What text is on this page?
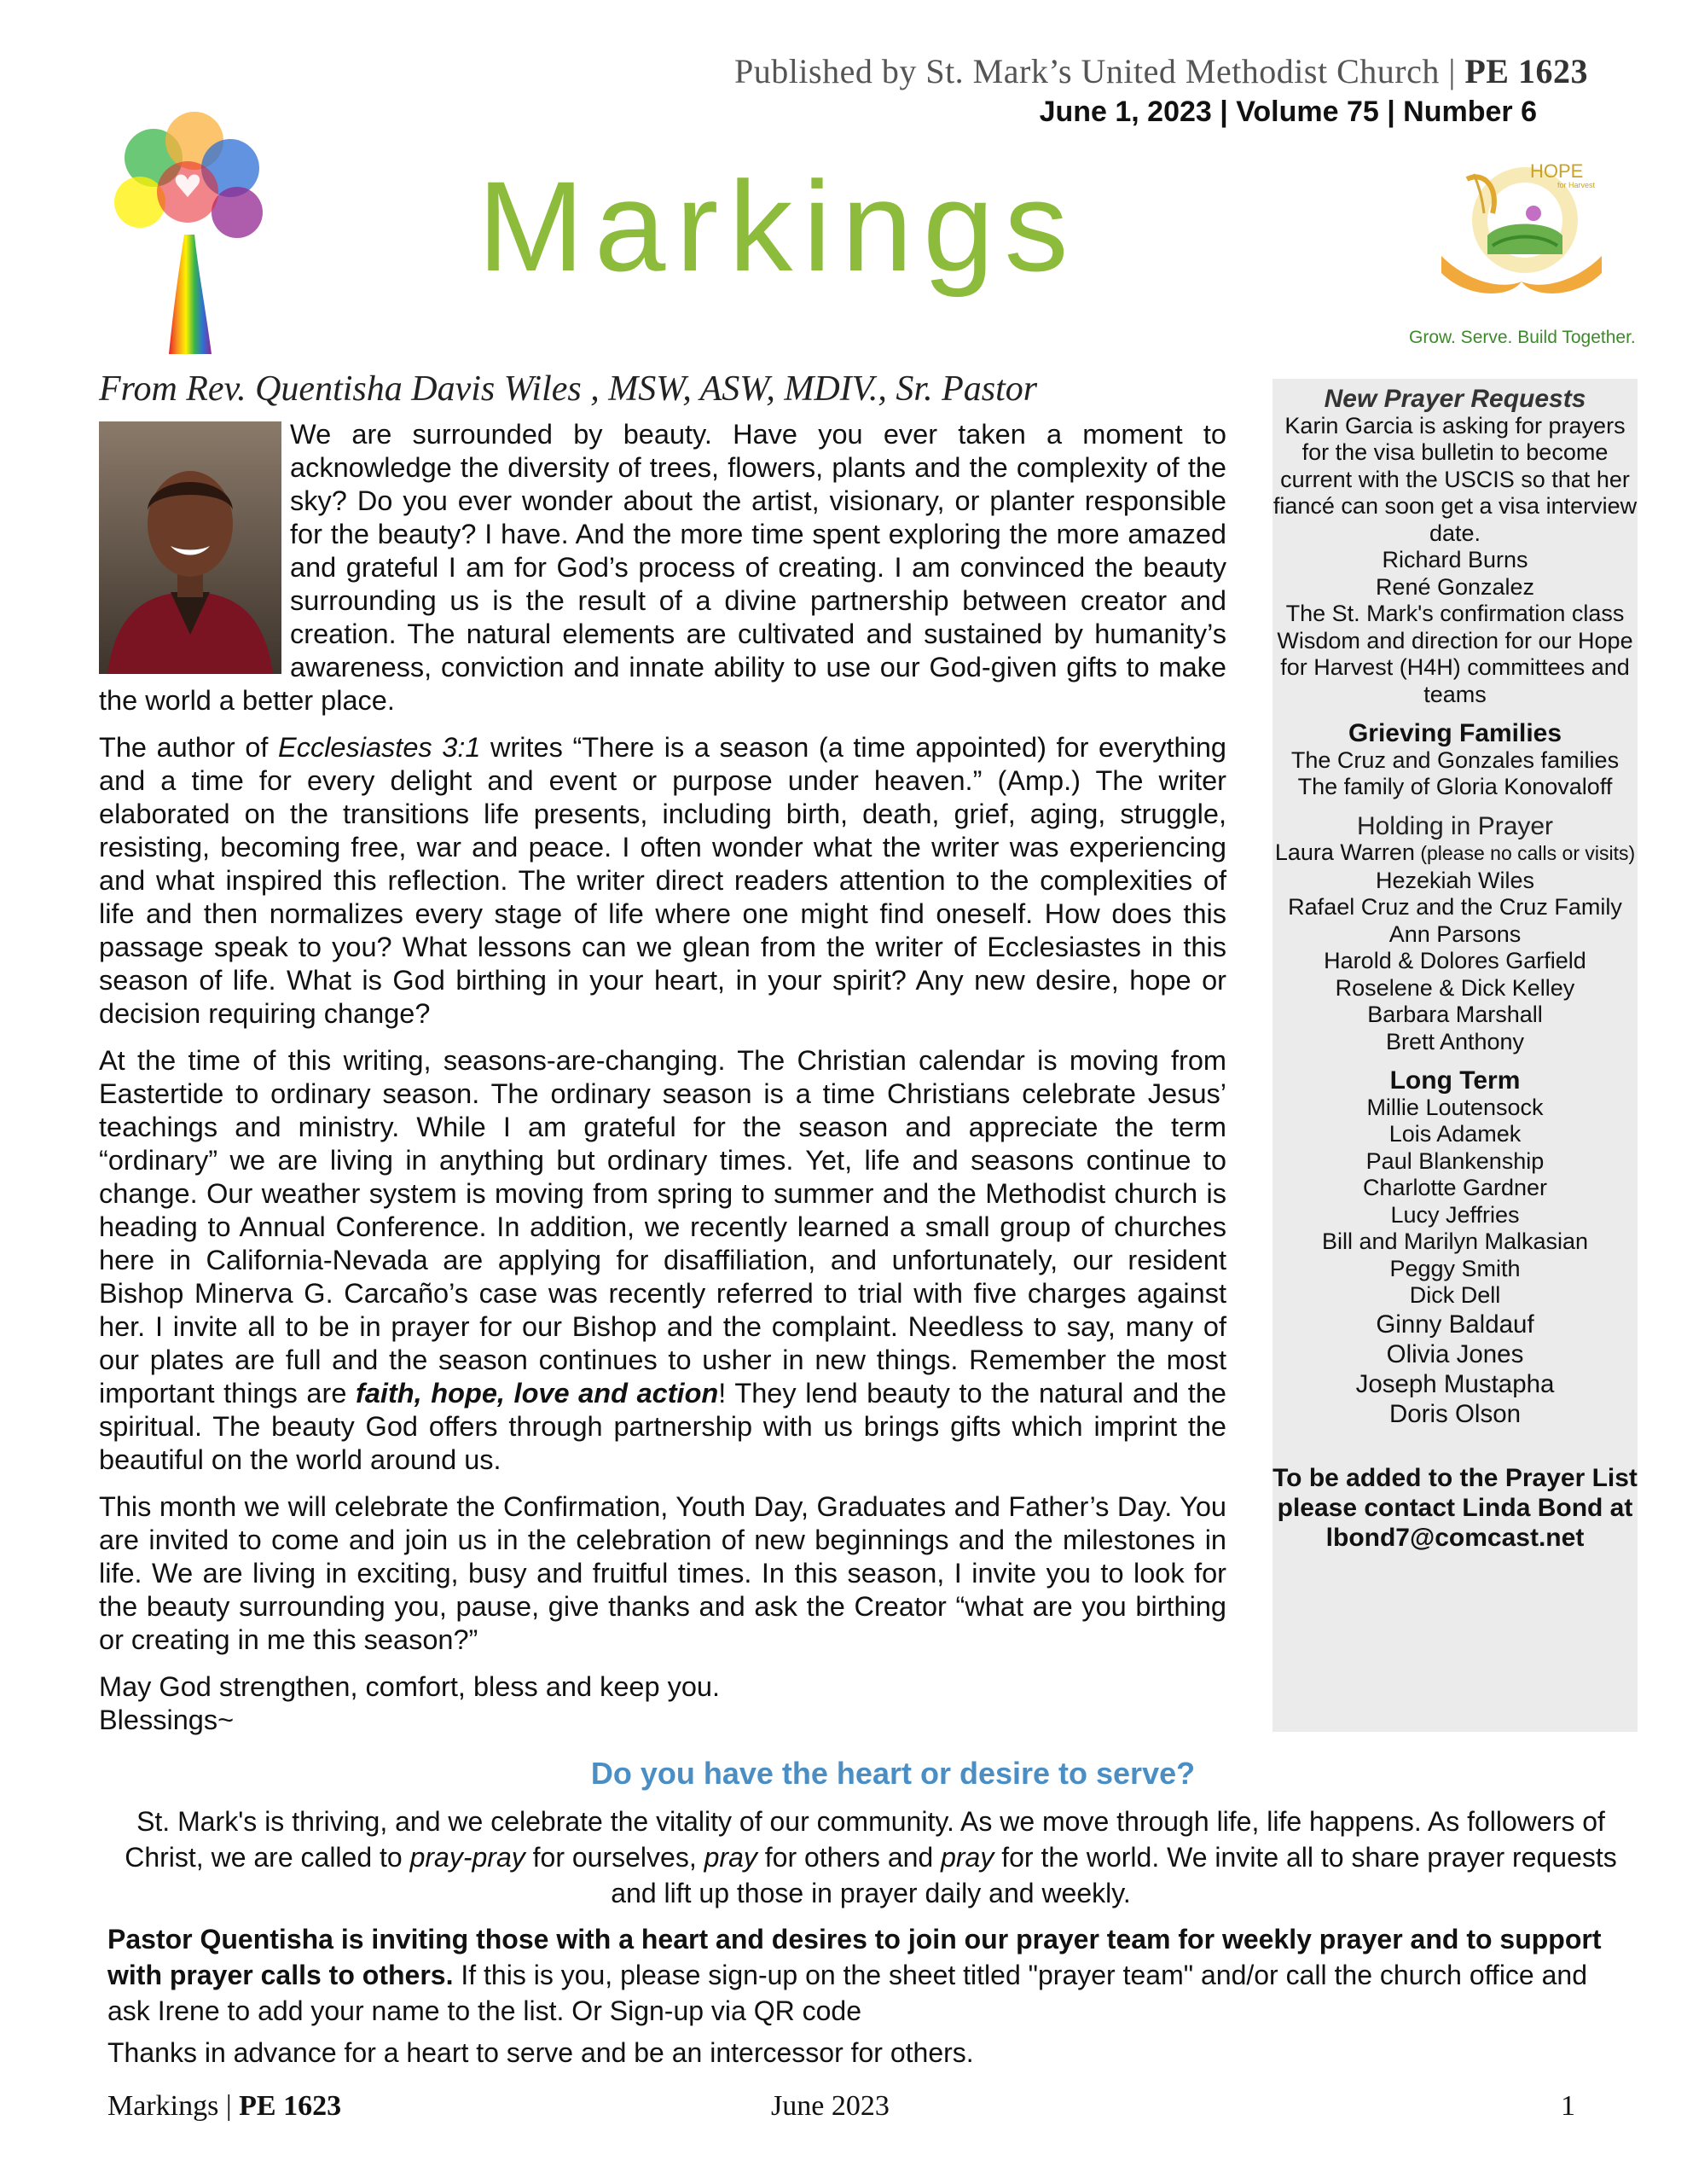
Published by St. Mark’s United Methodist Church | PE 1623
June 1, 2023 | Volume 75 | Number 6
Markings	HOPE
for Harvest
Grow. Serve. Build Together.
From Rev. Quentisha Davis Wiles , MSW, ASW, MDIV., Sr. Pastor

We are surrounded by beauty. Have you ever taken a moment to acknowledge the diversity of trees, flowers, plants and the complexity of the sky? Do you ever wonder about the artist, visionary, or planter responsible for the beauty? I have. And the more time spent exploring the more amazed and grateful I am for God’s process of creating. I am convinced the beauty surrounding us is the result of a divine partnership between creator and creation. The natural elements are cultivated and sustained by humanity’s awareness, conviction and innate ability to use our God-given gifts to make the world a better place.

The author of Ecclesiastes 3:1 writes “There is a season (a time appointed) for everything and a time for every delight and event or purpose under heaven.” (Amp.) The writer elaborated on the transitions life presents, including birth, death, grief, aging, struggle, resisting, becoming free, war and peace. I often wonder what the writer was experiencing and what inspired this reflection. The writer direct readers attention to the complexities of life and then normalizes every stage of life where one might find oneself. How does this passage speak to you? What lessons can we glean from the writer of Ecclesiastes in this season of life. What is God birthing in your heart, in your spirit? Any new desire, hope or decision requiring change?

At the time of this writing, seasons-are-changing. The Christian calendar is moving from Eastertide to ordinary season. The ordinary season is a time Christians celebrate Jesus’ teachings and ministry. While I am grateful for the season and appreciate the term “ordinary” we are living in anything but ordinary times. Yet, life and seasons continue to change. Our weather system is moving from spring to summer and the Methodist church is heading to Annual Conference. In addition, we recently learned a small group of churches here in California-Nevada are applying for disaffiliation, and unfortunately, our resident Bishop Minerva G. Carcaño’s case was recently referred to trial with five charges against her. I invite all to be in prayer for our Bishop and the complaint. Needless to say, many of our plates are full and the season continues to usher in new things. Remember the most important things are faith, hope, love and action! They lend beauty to the natural and the spiritual. The beauty God offers through partnership with us brings gifts which imprint the beautiful on the world around us.

This month we will celebrate the Confirmation, Youth Day, Graduates and Father’s Day. You are invited to come and join us in the celebration of new beginnings and the milestones in life. We are living in exciting, busy and fruitful times. In this season, I invite you to look for the beauty surrounding you, pause, give thanks and ask the Creator “what are you birthing or creating in me this season?”

May God strengthen, comfort, bless and keep you.
Blessings~

New Prayer Requests
Karin Garcia is asking for prayers for the visa bulletin to become current with the USCIS so that her fiancé can soon get a visa interview date.
Richard Burns
René Gonzalez
The St. Mark's confirmation class
Wisdom and direction for our Hope for Harvest (H4H) committees and teams
Grieving Families
The Cruz and Gonzales families
The family of Gloria Konovaloff
Holding in Prayer
Laura Warren (please no calls or visits)
Hezekiah Wiles
Rafael Cruz and the Cruz Family
Ann Parsons
Harold & Dolores Garfield
Roselene & Dick Kelley
Barbara Marshall
Brett Anthony
Long Term
Millie Loutensock
Lois Adamek
Paul Blankenship
Charlotte Gardner
Lucy Jeffries
Bill and Marilyn Malkasian
Peggy Smith
Dick Dell
Ginny Baldauf
Olivia Jones
Joseph Mustapha
Doris Olson
To be added to the Prayer List please contact Linda Bond at lbond7@comcast.net
Do you have the heart or desire to serve?
St. Mark's is thriving, and we celebrate the vitality of our community. As we move through life, life happens. As followers of Christ, we are called to pray-pray for ourselves, pray for others and pray for the world. We invite all to share prayer requests and lift up those in prayer daily and weekly.
Pastor Quentisha is inviting those with a heart and desires to join our prayer team for weekly prayer and to support with prayer calls to others. If this is you, please sign-up on the sheet titled "prayer team" and/or call the church office and ask Irene to add your name to the list. Or Sign-up via QR code
Thanks in advance for a heart to serve and be an intercessor for others.
Markings | PE 1623	June 2023	1
